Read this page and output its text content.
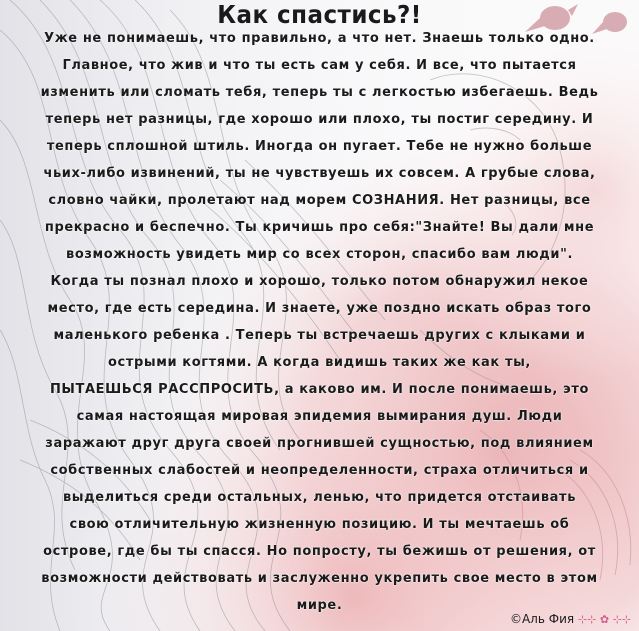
Как спастись?!
Уже не понимаешь, что правильно, а что нет. Знаешь только одно.
Главное, что жив и что ты есть сам у себя. И все, что пытается
изменить или сломать тебя, теперь ты с легкостью избегаешь. Ведь
теперь нет разницы, где хорошо или плохо, ты постиг середину. И
теперь сплошной штиль. Иногда он пугает. Тебе не нужно больше
чьих-либо извинений, ты не чувствуешь их совсем. А грубые слова,
словно чайки, пролетают над морем СОЗНАНИЯ. Нет разницы, все
прекрасно и беспечно. Ты кричишь про себя:"Знайте! Вы дали мне
возможность увидеть мир со всех сторон, спасибо вам люди".
Когда ты познал плохо и хорошо, только потом обнаружил некое
место, где есть середина. И знаете, уже поздно искать образ того
маленького ребенка . Теперь ты встречаешь других с клыками и
острыми когтями. А когда видишь таких же как ты,
ПЫТАЕШЬСЯ РАССПРОСИТЬ, а каково им. И после понимаешь, это
самая настоящая мировая эпидемия вымирания душ. Люди
заражают друг друга своей прогнившей сущностью, под влиянием
собственных слабостей и неопределенности, страха отличиться и
выделиться среди остальных, ленью, что придется отстаивать
свою отличительную жизненную позицию. И ты мечтаешь об
острове, где бы ты спасся. Но попросту, ты бежишь от решения, от
возможности действовать и заслуженно укрепить свое место в этом
мире.
©Аль Фия ⊹⊹ ✿ ⊹⊹
